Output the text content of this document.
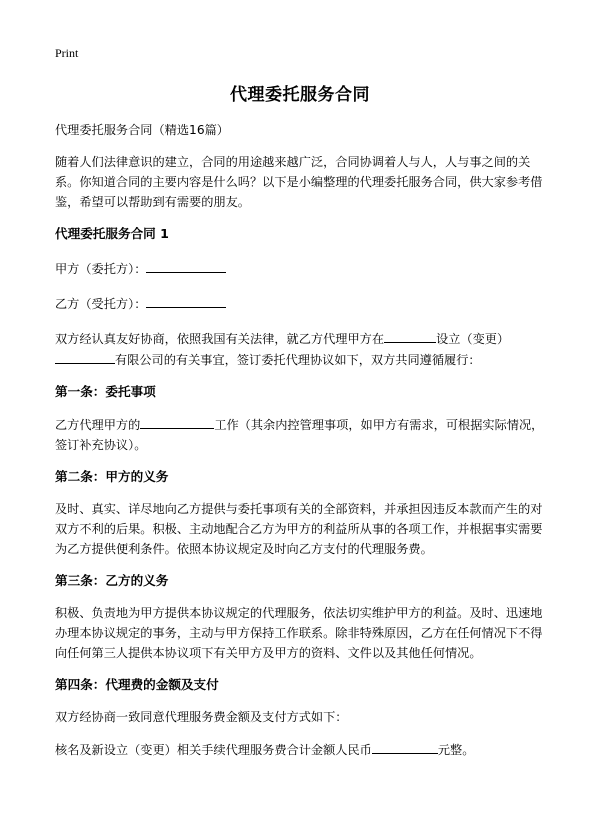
Print
代理委托服务合同
代理委托服务合同（精选16篇）
随着人们法律意识的建立，合同的用途越来越广泛，合同协调着人与人，人与事之间的关系。你知道合同的主要内容是什么吗？以下是小编整理的代理委托服务合同，供大家参考借鉴，希望可以帮助到有需要的朋友。
代理委托服务合同 1
甲方（委托方）：
乙方（受托方）：
双方经认真友好协商，依照我国有关法律，就乙方代理甲方在	设立（变更）有限公司的有关事宜，签订委托代理协议如下，双方共同遵循履行：
第一条：委托事项
乙方代理甲方的	工作（其余内控管理事项，如甲方有需求，可根据实际情况，签订补充协议）。
第二条：甲方的义务
及时、真实、详尽地向乙方提供与委托事项有关的全部资料，并承担因违反本款而产生的对双方不利的后果。积极、主动地配合乙方为甲方的利益所从事的各项工作，并根据事实需要为乙方提供便利条件。依照本协议规定及时向乙方支付的代理服务费。
第三条：乙方的义务
积极、负责地为甲方提供本协议规定的代理服务，依法切实维护甲方的利益。及时、迅速地办理本协议规定的事务，主动与甲方保持工作联系。除非特殊原因，乙方在任何情况下不得向任何第三人提供本协议项下有关甲方及甲方的资料、文件以及其他任何情况。
第四条：代理费的金额及支付
双方经协商一致同意代理服务费金额及支付方式如下：
核名及新设立（变更）相关手续代理服务费合计金额人民币	元整。
